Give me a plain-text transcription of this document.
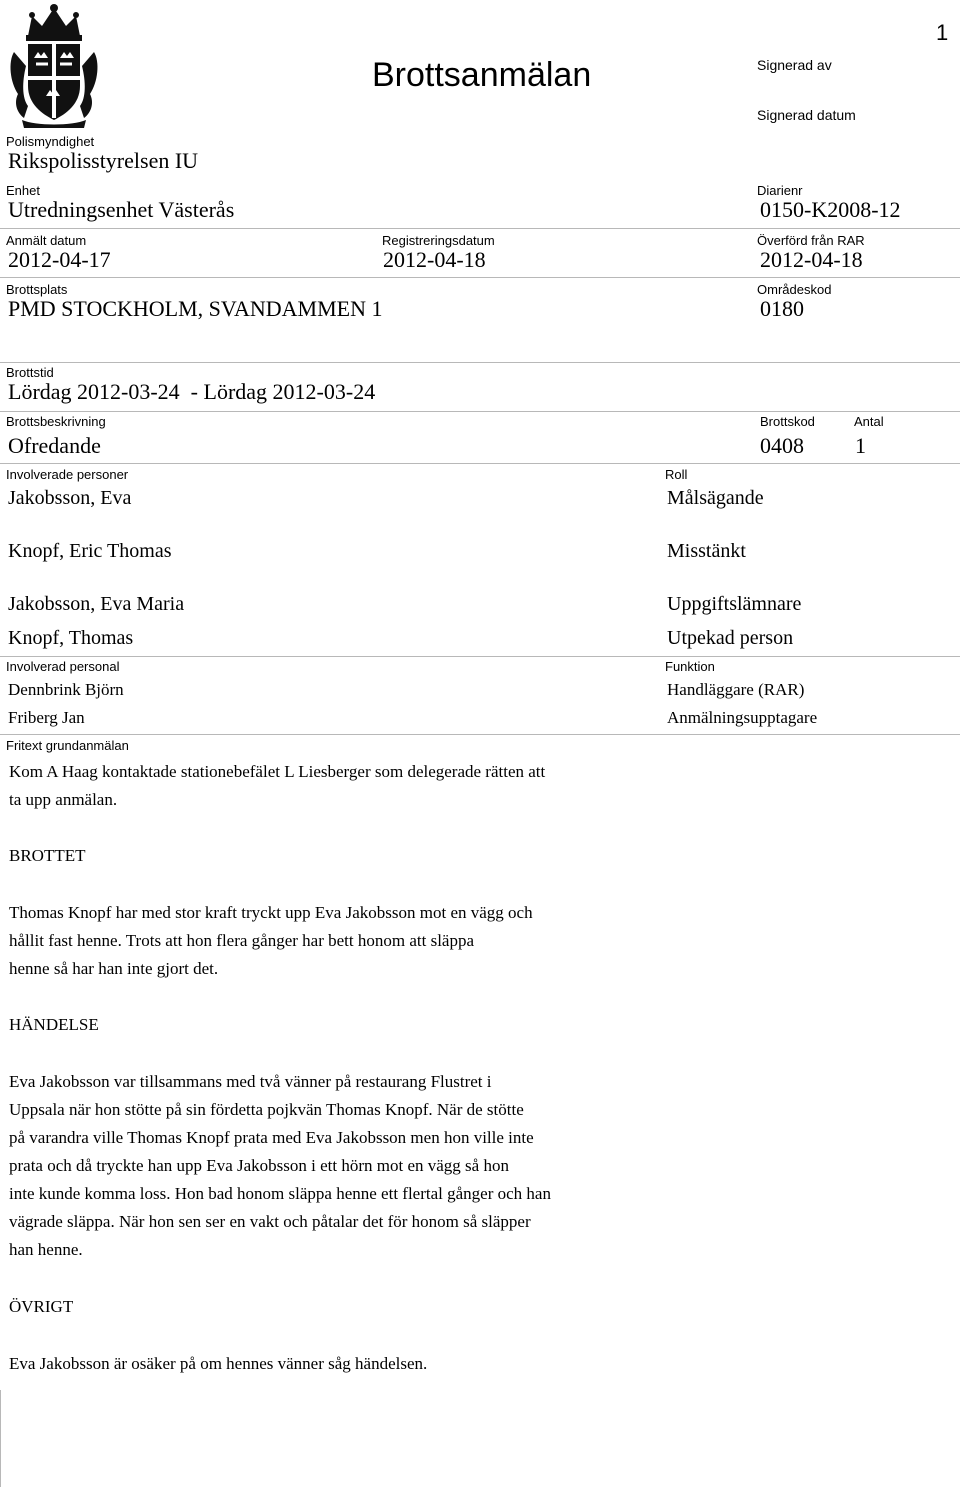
1
Brottsanmälan	Signerad av
Signerad datum
Polismyndighet
Rikspolisstyrelsen IU
Enhet
Utredningsenhet Västerås
Diarienr
0150-K2008-12
Anmält datum
2012-04-17
Registreringsdatum
2012-04-18
Överförd från RAR
2012-04-18
Brottsplats
PMD STOCKHOLM, SVANDAMMEN 1
Områdeskod
0180
Brottstid
Lördag 2012-03-24  - Lördag 2012-03-24
Brottsbeskrivning	Brottskod	Antal
Ofredande	0408 1
Involverade personer	Roll
Jakobsson, Eva	Målsägande
Knopf, Eric Thomas	Misstänkt
Jakobsson, Eva Maria	Uppgiftslämnare
Knopf, Thomas	Utpekad person
Involverad personal	Funktion
Dennbrink Björn	Handläggare (RAR)
Friberg Jan	Anmälningsupptagare
Fritext grundanmälan
Kom A Haag kontaktade stationebefälet L Liesberger som delegerade rätten att
ta upp anmälan.
BROTTET
Thomas Knopf har med stor kraft tryckt upp Eva Jakobsson mot en vägg och
hållit fast henne. Trots att hon flera gånger har bett honom att släppa
henne så har han inte gjort det.
HÄNDELSE
Eva Jakobsson var tillsammans med två vänner på restaurang Flustret i
Uppsala när hon stötte på sin fördetta pojkvän Thomas Knopf. När de stötte
på varandra ville Thomas Knopf prata med Eva Jakobsson men hon ville inte
prata och då tryckte han upp Eva Jakobsson i ett hörn mot en vägg så hon
inte kunde komma loss. Hon bad honom släppa henne ett flertal gånger och han
vägrade släppa. När hon sen ser en vakt och påtalar det för honom så släpper
han henne.
ÖVRIGT
Eva Jakobsson är osäker på om hennes vänner såg händelsen.
